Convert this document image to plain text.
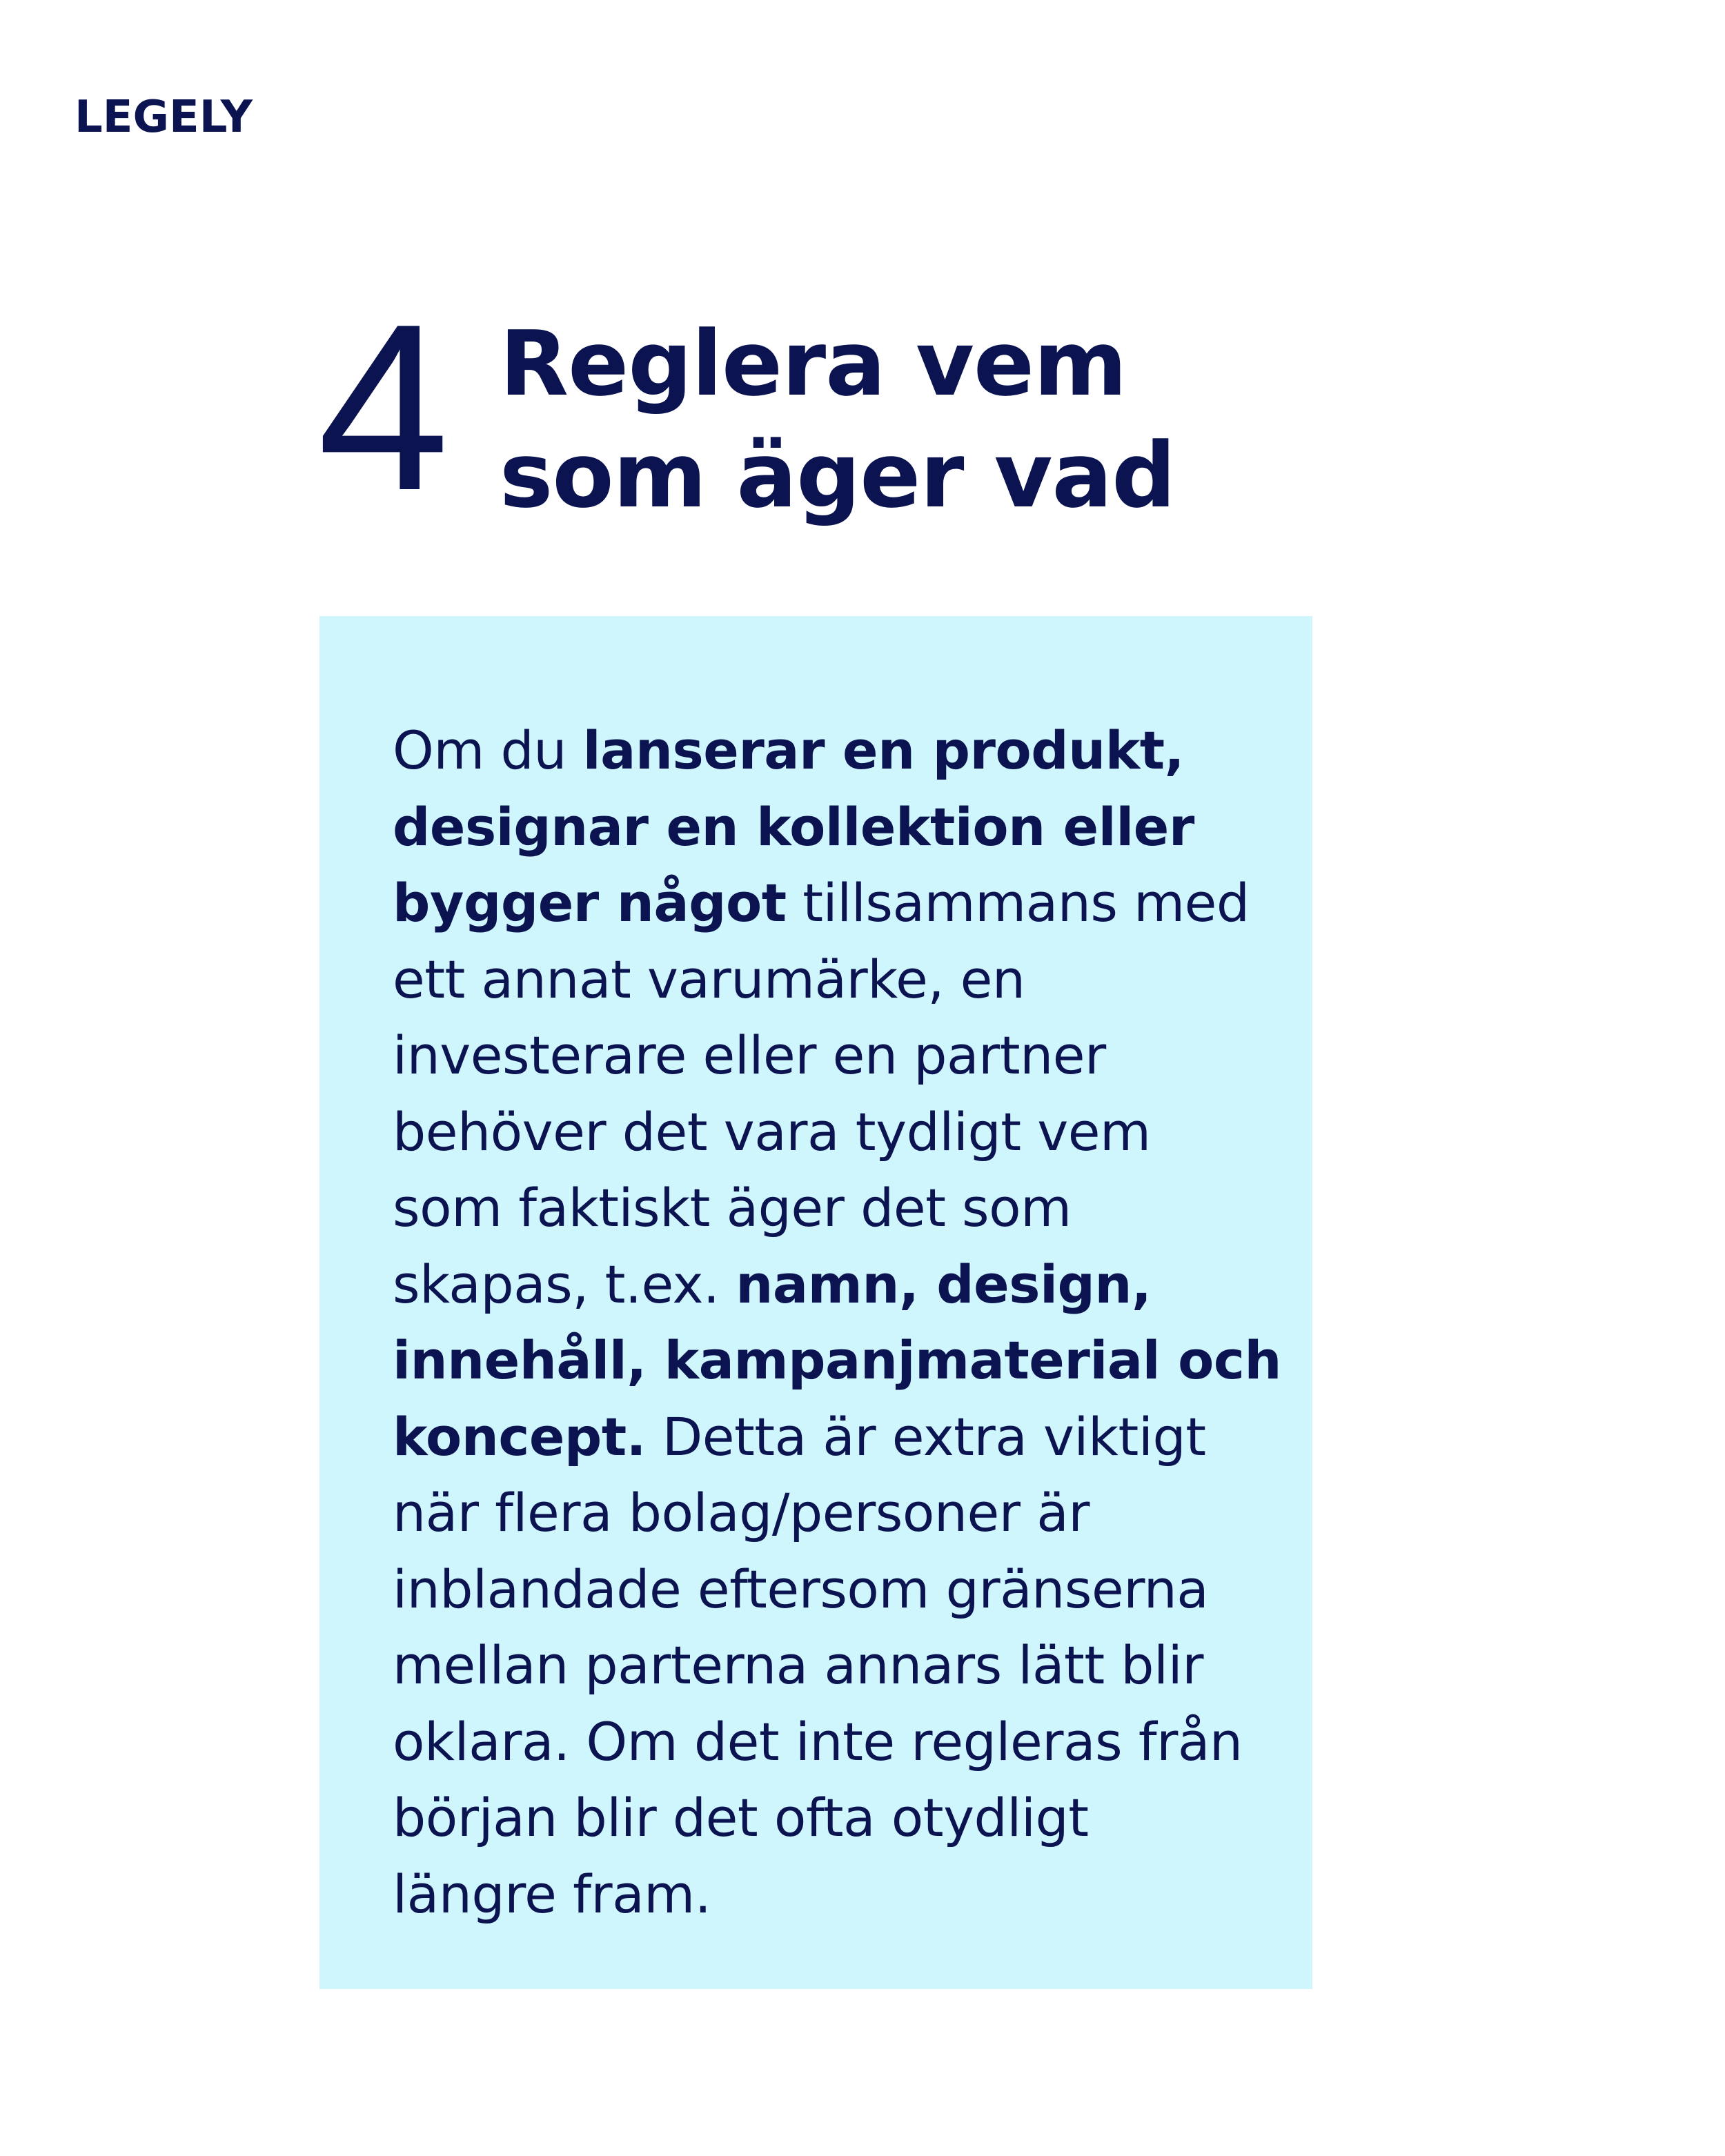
LEGELY
4 Reglera vem
som äger vad

Om du lanserar en produkt,
designar en kollektion eller
bygger något tillsammans med
ett annat varumärke, en
investerare eller en partner
behöver det vara tydligt vem
som faktiskt äger det som
skapas, t.ex. namn, design,
innehåll, kampanjmaterial och
koncept. Detta är extra viktigt
när flera bolag/personer är
inblandade eftersom gränserna
mellan parterna annars lätt blir
oklara. Om det inte regleras från
början blir det ofta otydligt
längre fram.
